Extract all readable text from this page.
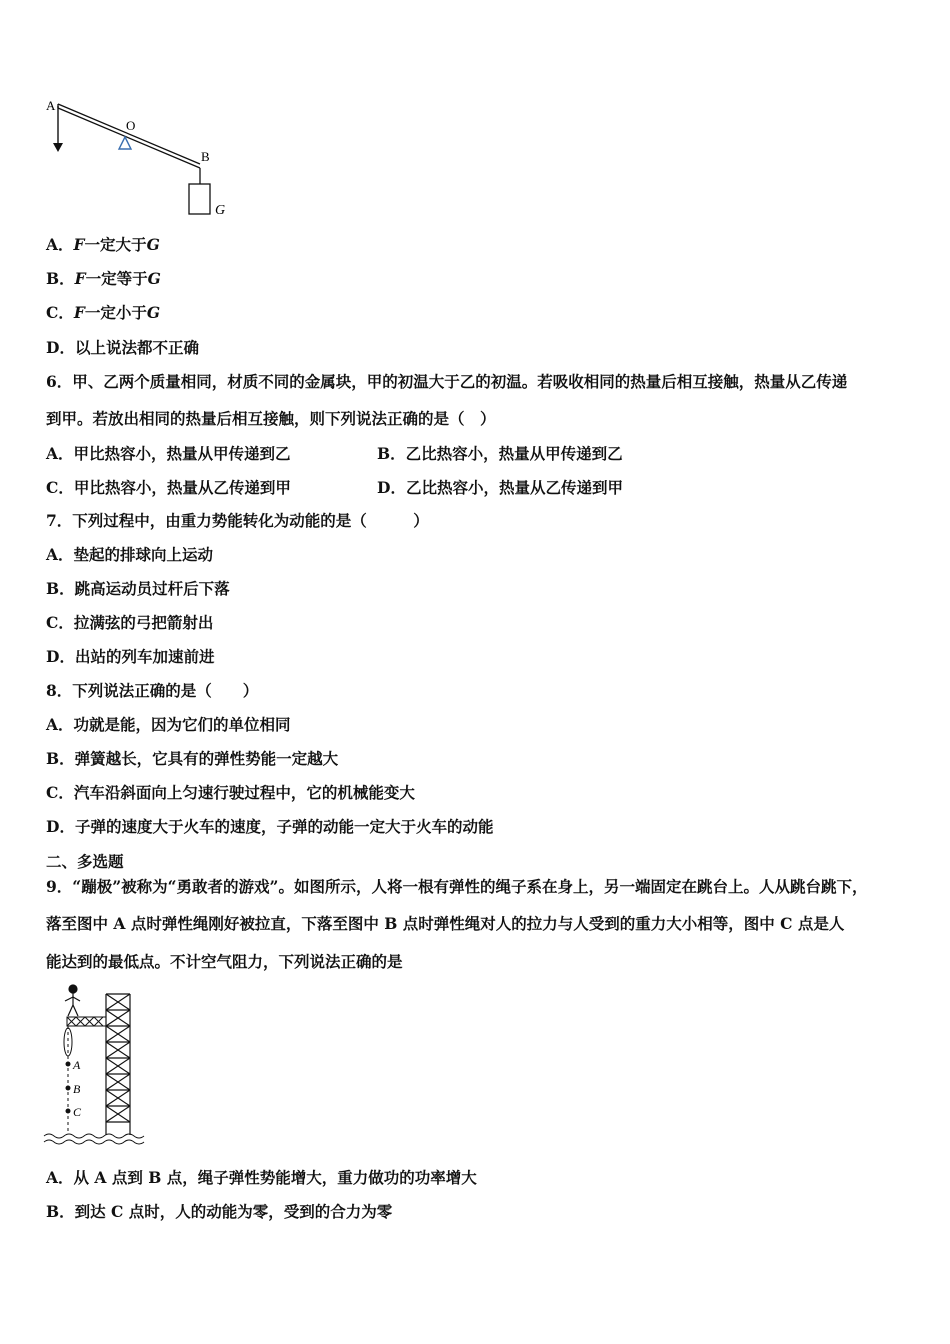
A
O
B
G
A．F一定大于G
B．F一定等于G
C．F一定小于G
D．以上说法都不正确
6．甲、乙两个质量相同，材质不同的金属块，甲的初温大于乙的初温。若吸收相同的热量后相互接触，热量从乙传递
到甲。若放出相同的热量后相互接触，则下列说法正确的是（　）
A．甲比热容小，热量从甲传递到乙	B．乙比热容小，热量从甲传递到乙
C．甲比热容小，热量从乙传递到甲	D．乙比热容小，热量从乙传递到甲
7．下列过程中，由重力势能转化为动能的是（　　　）
A．垫起的排球向上运动
B．跳高运动员过杆后下落
C．拉满弦的弓把箭射出
D．出站的列车加速前进
8．下列说法正确的是（　　）
A．功就是能，因为它们的单位相同
B．弹簧越长，它具有的弹性势能一定越大
C．汽车沿斜面向上匀速行驶过程中，它的机械能变大
D．子弹的速度大于火车的速度，子弹的动能一定大于火车的动能
二、多选题
9．“蹦极”被称为“勇敢者的游戏”。如图所示，人将一根有弹性的绳子系在身上，另一端固定在跳台上。人从跳台跳下，
落至图中 A 点时弹性绳刚好被拉直，下落至图中 B 点时弹性绳对人的拉力与人受到的重力大小相等，图中 C 点是人
能达到的最低点。不计空气阻力，下列说法正确的是
A
B
C
A．从 A 点到 B 点，绳子弹性势能增大，重力做功的功率增大
B．到达 C 点时，人的动能为零，受到的合力为零
